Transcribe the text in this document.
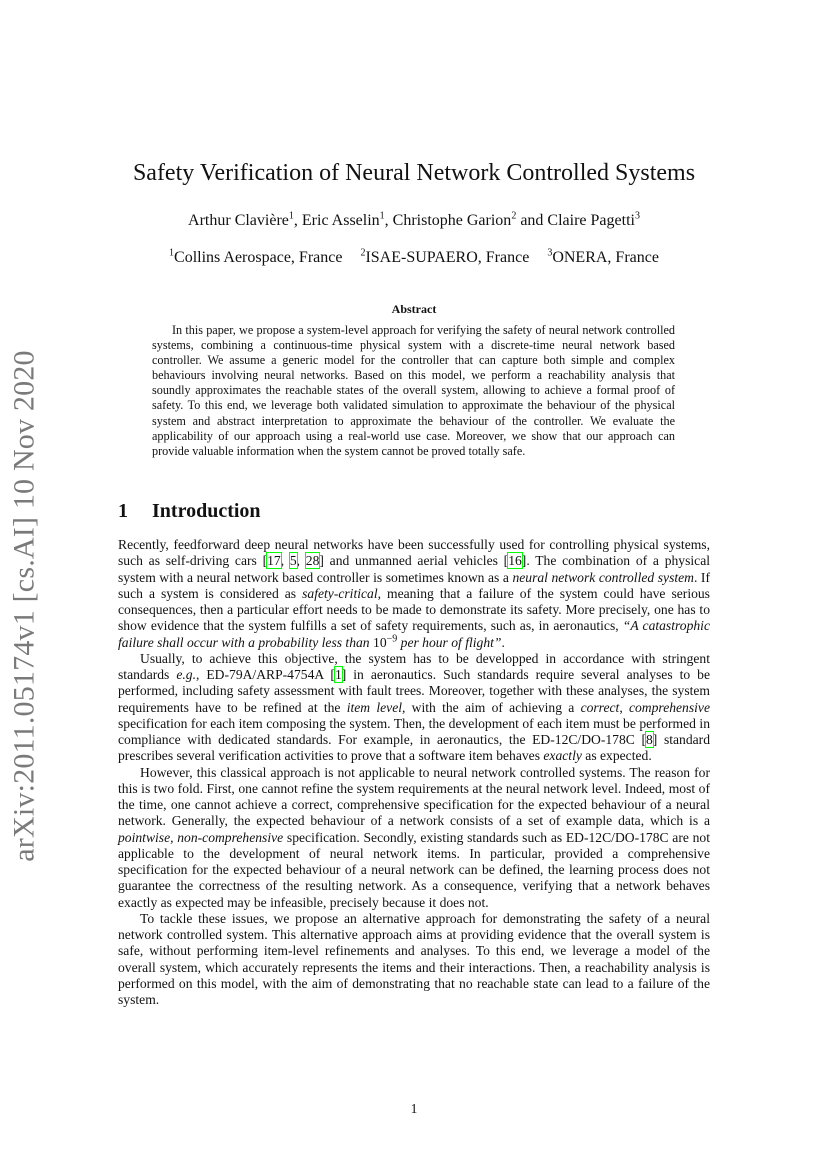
arXiv:2011.05174v1 [cs.AI] 10 Nov 2020
Safety Verification of Neural Network Controlled Systems
Arthur Clavière$^1$, Eric Asselin$^1$, Christophe Garion$^2$ and Claire Pagetti$^3$
$^1$Collins Aerospace, France $^2$ISAE-SUPAERO, France $^3$ONERA, France
Abstract

In this paper, we propose a system-level approach for verifying the safety of neural network controlled systems, combining a continuous-time physical system with a discrete-time neural network based controller. We assume a generic model for the controller that can capture both simple and complex behaviours involving neural networks. Based on this model, we perform a reachability analysis that soundly approximates the reachable states of the overall system, allowing to achieve a formal proof of safety. To this end, we leverage both validated simulation to approximate the behaviour of the physical system and abstract interpretation to approximate the behaviour of the controller. We evaluate the applicability of our approach using a real-world use case. Moreover, we show that our approach can provide valuable information when the system cannot be proved totally safe.

1 Introduction

Recently, feedforward deep neural networks have been successfully used for controlling physical systems, such as self-driving cars [17, 5, 28] and unmanned aerial vehicles [16]. The combination of a physical system with a neural network based controller is sometimes known as a neural network controlled system. If such a system is considered as safety-critical, meaning that a failure of the system could have serious consequences, then a particular effort needs to be made to demonstrate its safety. More precisely, one has to show evidence that the system fulfills a set of safety requirements, such as, in aeronautics, “A catastrophic failure shall occur with a probability less than $10^{-9}$ per hour of flight”.

Usually, to achieve this objective, the system has to be developped in accordance with stringent standards e.g., ED-79A/ARP-4754A [1] in aeronautics. Such standards require several analyses to be performed, including safety assessment with fault trees. Moreover, together with these analyses, the system requirements have to be refined at the item level, with the aim of achieving a correct, comprehensive specification for each item composing the system. Then, the development of each item must be performed in compliance with dedicated standards. For example, in aeronautics, the ED-12C/DO-178C [8] standard prescribes several verification activities to prove that a software item behaves exactly as expected.

However, this classical approach is not applicable to neural network controlled systems. The reason for this is two fold. First, one cannot refine the system requirements at the neural network level. Indeed, most of the time, one cannot achieve a correct, comprehensive specification for the expected behaviour of a neural network. Generally, the expected behaviour of a network consists of a set of example data, which is a pointwise, non-comprehensive specification. Secondly, existing standards such as ED-12C/DO-178C are not applicable to the development of neural network items. In particular, provided a comprehensive specification for the expected behaviour of a neural network can be defined, the learning process does not guarantee the correctness of the resulting network. As a consequence, verifying that a network behaves exactly as expected may be infeasible, precisely because it does not.

To tackle these issues, we propose an alternative approach for demonstrating the safety of a neural network controlled system. This alternative approach aims at providing evidence that the overall system is safe, without performing item-level refinements and analyses. To this end, we leverage a model of the overall system, which accurately represents the items and their interactions. Then, a reachability analysis is performed on this model, with the aim of demonstrating that no reachable state can lead to a failure of the system.

1
